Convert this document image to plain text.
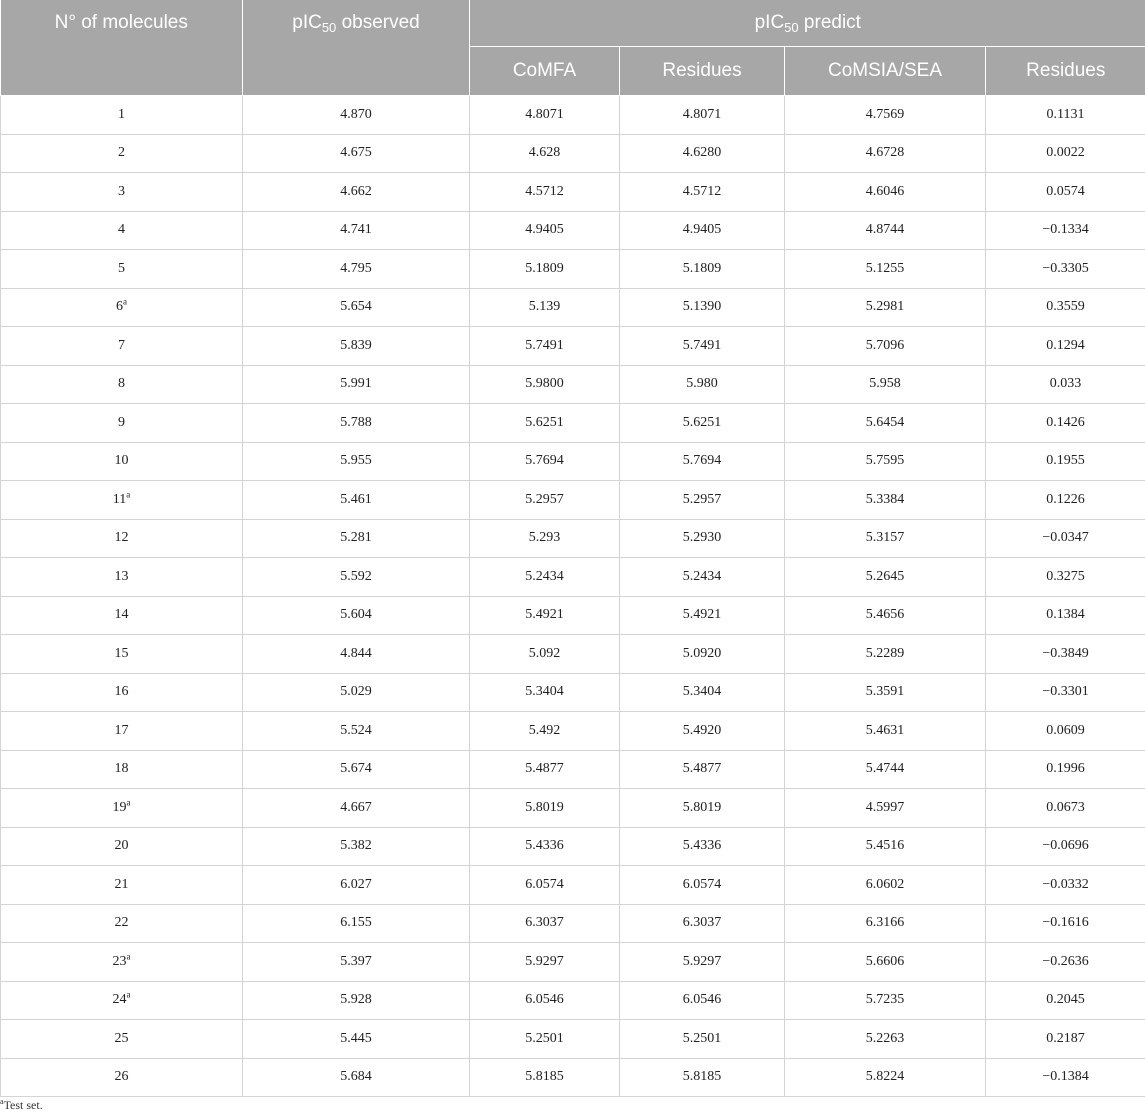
N° of molecules	pIC$_{50}$ observed	pIC$_{50}$ predict			
		CoMFA	Residues	CoMSIA/SEA	Residues
1	4.870	4.8071	4.8071	4.7569	0.1131
2	4.675	4.628	4.6280	4.6728	0.0022
3	4.662	4.5712	4.5712	4.6046	0.0574
4	4.741	4.9405	4.9405	4.8744	−0.1334
5	4.795	5.1809	5.1809	5.1255	−0.3305
6$^a$	5.654	5.139	5.1390	5.2981	0.3559
7	5.839	5.7491	5.7491	5.7096	0.1294
8	5.991	5.9800	5.980	5.958	0.033
9	5.788	5.6251	5.6251	5.6454	0.1426
10	5.955	5.7694	5.7694	5.7595	0.1955
11$^a$	5.461	5.2957	5.2957	5.3384	0.1226
12	5.281	5.293	5.2930	5.3157	−0.0347
13	5.592	5.2434	5.2434	5.2645	0.3275
14	5.604	5.4921	5.4921	5.4656	0.1384
15	4.844	5.092	5.0920	5.2289	−0.3849
16	5.029	5.3404	5.3404	5.3591	−0.3301
17	5.524	5.492	5.4920	5.4631	0.0609
18	5.674	5.4877	5.4877	5.4744	0.1996
19$^a$	4.667	5.8019	5.8019	4.5997	0.0673
20	5.382	5.4336	5.4336	5.4516	−0.0696
21	6.027	6.0574	6.0574	6.0602	−0.0332
22	6.155	6.3037	6.3037	6.3166	−0.1616
23$^a$	5.397	5.9297	5.9297	5.6606	−0.2636
24$^a$	5.928	6.0546	6.0546	5.7235	0.2045
25	5.445	5.2501	5.2501	5.2263	0.2187
26	5.684	5.8185	5.8185	5.8224	−0.1384
$^a$Test set.
